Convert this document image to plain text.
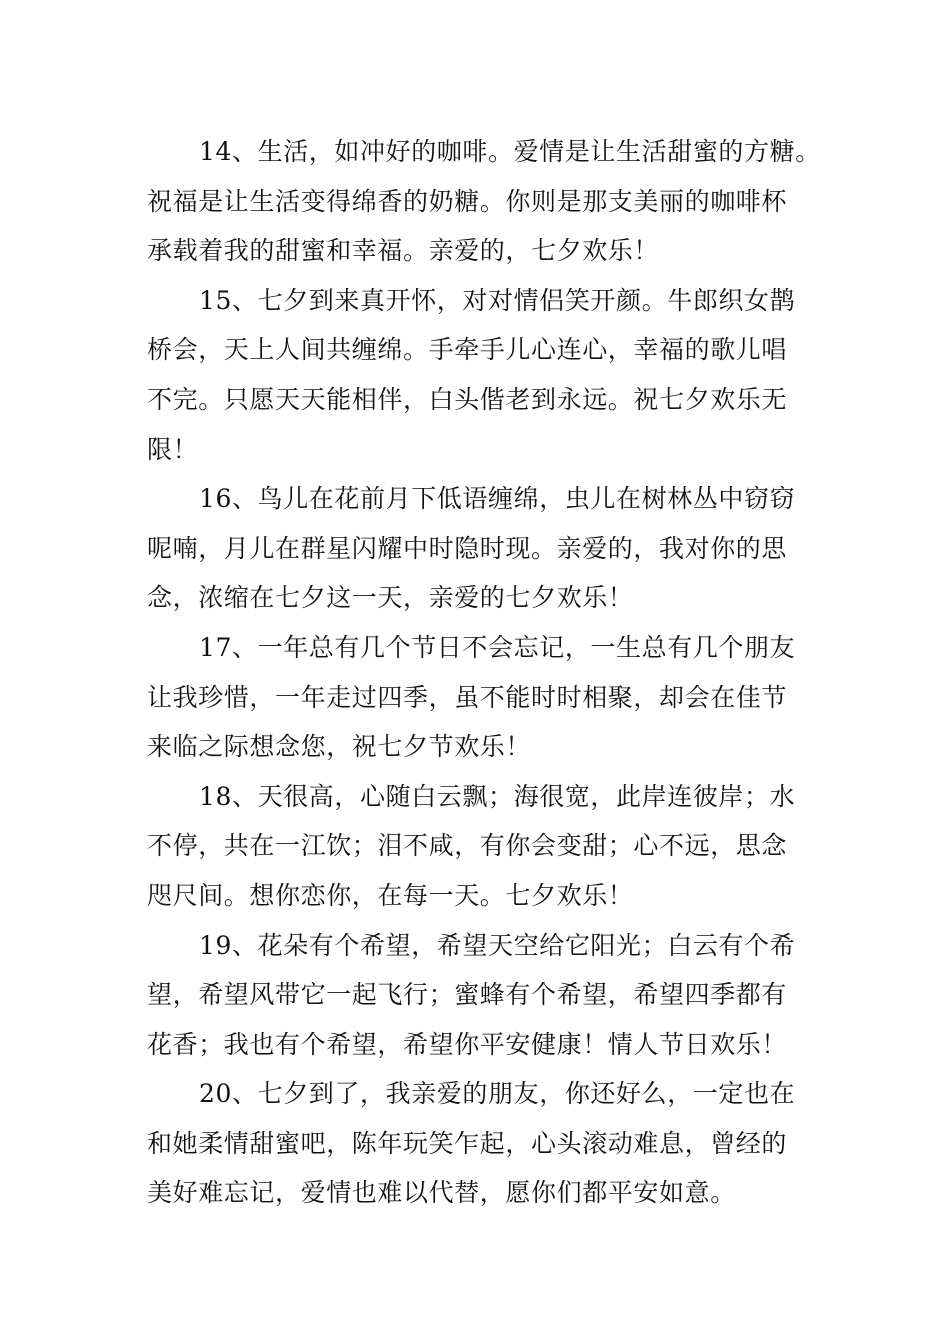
14、生活，如冲好的咖啡。爱情是让生活甜蜜的方糖。
祝福是让生活变得绵香的奶糖。你则是那支美丽的咖啡杯
承载着我的甜蜜和幸福。亲爱的，七夕欢乐！
15、七夕到来真开怀，对对情侣笑开颜。牛郎织女鹊
桥会，天上人间共缠绵。手牵手儿心连心，幸福的歌儿唱
不完。只愿天天能相伴，白头偕老到永远。祝七夕欢乐无
限！
16、鸟儿在花前月下低语缠绵，虫儿在树林丛中窃窃
呢喃，月儿在群星闪耀中时隐时现。亲爱的，我对你的思
念，浓缩在七夕这一天，亲爱的七夕欢乐！
17、一年总有几个节日不会忘记，一生总有几个朋友
让我珍惜，一年走过四季，虽不能时时相聚，却会在佳节
来临之际想念您，祝七夕节欢乐！
18、天很高，心随白云飘；海很宽，此岸连彼岸；水
不停，共在一江饮；泪不咸，有你会变甜；心不远，思念
咫尺间。想你恋你，在每一天。七夕欢乐！
19、花朵有个希望，希望天空给它阳光；白云有个希
望，希望风带它一起飞行；蜜蜂有个希望，希望四季都有
花香；我也有个希望，希望你平安健康！情人节日欢乐！
20、七夕到了，我亲爱的朋友，你还好么，一定也在
和她柔情甜蜜吧，陈年玩笑乍起，心头滚动难息，曾经的
美好难忘记，爱情也难以代替，愿你们都平安如意。
